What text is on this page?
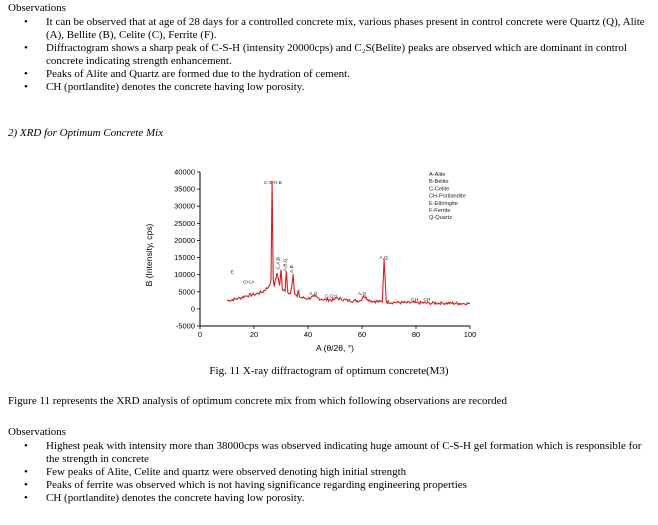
Observations
• It can be observed that at age of 28 days for a controlled concrete mix, various phases present in control concrete were Quartz (Q), Alite (A), Bellite (B), Celite (C), Ferrite (F).
• Diffractogram shows a sharp peak of C-S-H (intensity 20000cps) and C₂S(Belite) peaks are observed which are dominant in control concrete indicating strength enhancement.
• Peaks of Alite and Quartz are formed due to the hydration of cement.
• CH (portlandite) denotes the concrete having low porosity.
2) XRD for Optimum Concrete Mix
-5000
0
5000
10000
15000
20000
25000
30000
35000
40000
0	20	40	60	80	100
A (θ/2θ, °)
B (Intensity, cps)
C-S-H,B
A,Q
E
CH,A
C,A,B A,B,Q A,B
F A,Q C,CH	A,Q
CH CH
A-Alite
B-Belite
C-Celite
CH-Portlandite
E-Ettiringite
F-Ferrite
Q-Quartz
Fig. 11 X-ray diffractogram of optimum concrete(M3)
Figure 11 represents the XRD analysis of optimum concrete mix from which following observations are recorded
Observations
• Highest peak with intensity more than 38000cps was observed indicating huge amount of C-S-H gel formation which is responsible for the strength in concrete
• Few peaks of Alite, Celite and quartz were observed denoting high initial strength
• Peaks of ferrite was observed which is not having significance regarding engineering properties
• CH (portlandite) denotes the concrete having low porosity.
